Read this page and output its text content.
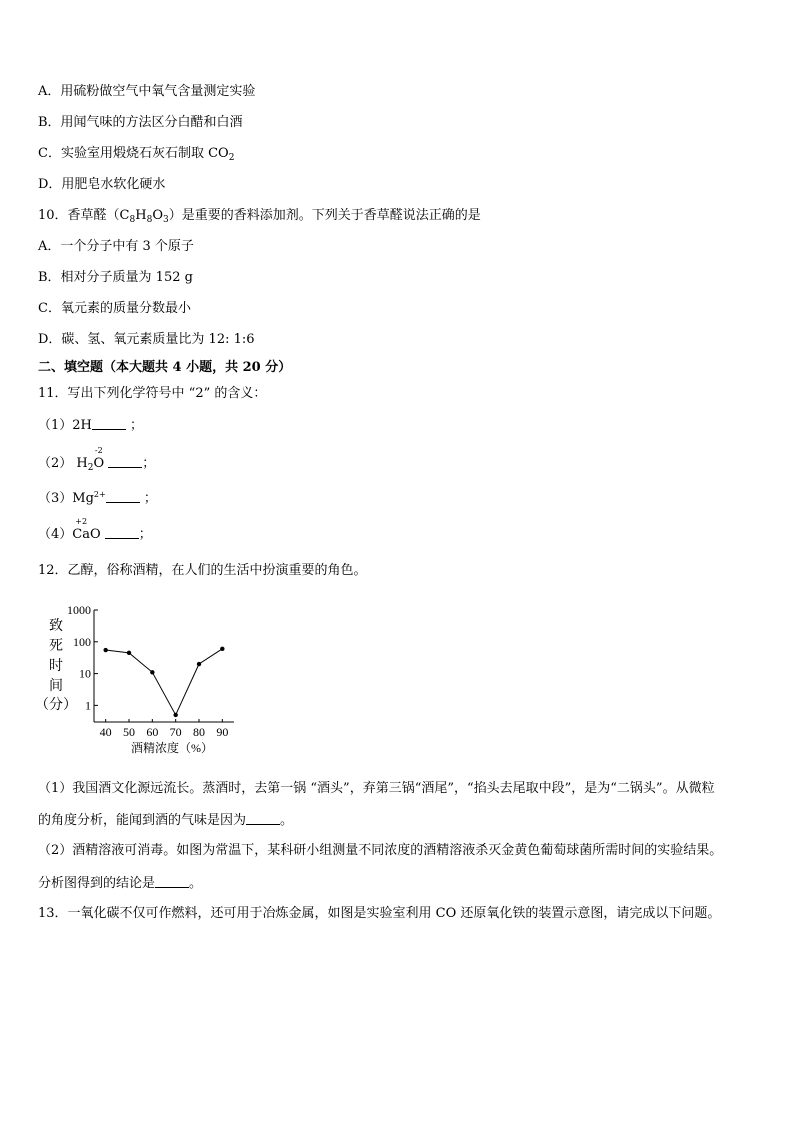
A．用硫粉做空气中氧气含量测定实验
B．用闻气味的方法区分白醋和白酒
C．实验室用煅烧石灰石制取 $CO_2$
D．用肥皂水软化硬水
10．香草醛$(C_8H_8O_3)$是重要的香料添加剂。下列关于香草醛说法正确的是
A．一个分子中有 3 个原子
B．相对分子质量为 152 g
C．氧元素的质量分数最小
D．碳、氢、氧元素质量比为 12: 1:6
二、填空题（本大题共 4 小题，共 20 分）
11．写出下列化学符号中 “2” 的含义：
（1）2H	；
（2） $H_2$
-2
O	；
$(3)Mg^{2+}$	；
（4）
+2
CaO	；
12．乙醇，俗称酒精，在人们的生活中扮演重要的角色。
致
死
时
间
（分） 1
10
100
1000
40 50 60 70 80 90
酒精浓度（%）
（1）我国酒文化源远流长。蒸酒时，去第一锅 “酒头”，弃第三锅“酒尾”，“掐头去尾取中段”，是为“二锅头”。从微粒
的角度分析，能闻到酒的气味是因为	。
（2）酒精溶液可消毒。如图为常温下，某科研小组测量不同浓度的酒精溶液杀灭金黄色葡萄球菌所需时间的实验结果。
分析图得到的结论是	。
13．一氧化碳不仅可作燃料，还可用于冶炼金属，如图是实验室利用 CO 还原氧化铁的装置示意图，请完成以下问题。
